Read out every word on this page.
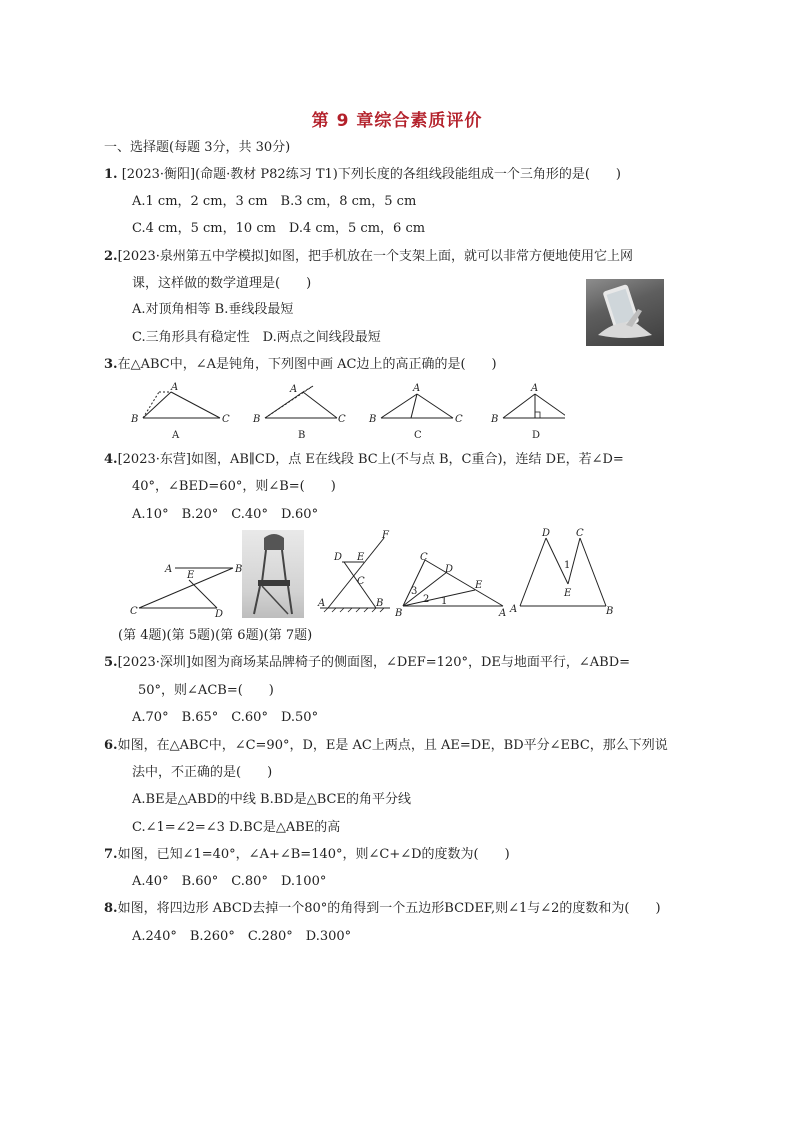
第 9 章综合素质评价
一、选择题(每题 3分，共 30分)
1. [2023·衡阳](命题·教材 P82练习 T1)下列长度的各组线段能组成一个三角形的是(　　)
A.1 cm，2 cm，3 cm　B.3 cm，8 cm，5 cm
C.4 cm，5 cm，10 cm　D.4 cm，5 cm，6 cm
2.[2023·泉州第五中学模拟]如图，把手机放在一个支架上面，就可以非常方便地使用它上网
课，这样做的数学道理是(　　)
A.对顶角相等 B.垂线段最短
C.三角形具有稳定性　D.两点之间线段最短
3.在△ABC中，∠A是钝角，下列图中画 AC边上的高正确的是(　　)
B
A
C
A
B
A
C
B
B
A
C
C
B
A
D
4.[2023·东营]如图，AB∥CD，点 E在线段 BC上(不与点 B，C重合)，连结 DE，若∠D=
40°，∠BED=60°，则∠B=(　　)
A.10°　B.20°　C.40°　D.60°
A	B
E
C	D
D E
F
C
A	B
C
D
E
B	A
3
2 1
D	C
E
A	B
1
(第 4题)(第 5题)(第 6题)(第 7题)
5.[2023·深圳]如图为商场某品牌椅子的侧面图，∠DEF=120°，DE与地面平行，∠ABD=
50°，则∠ACB=(　　)
A.70°　B.65°　C.60°　D.50°
6.如图，在△ABC中，∠C=90°，D，E是 AC上两点，且 AE=DE，BD平分∠EBC，那么下列说
法中，不正确的是(　　)
A.BE是△ABD的中线 B.BD是△BCE的角平分线
C.∠1=∠2=∠3 D.BC是△ABE的高
7.如图，已知∠1=40°，∠A+∠B=140°，则∠C+∠D的度数为(　　)
A.40°　B.60°　C.80°　D.100°
8.如图，将四边形 ABCD去掉一个80°的角得到一个五边形BCDEF,则∠1与∠2的度数和为(　　)
A.240°　B.260°　C.280°　D.300°
